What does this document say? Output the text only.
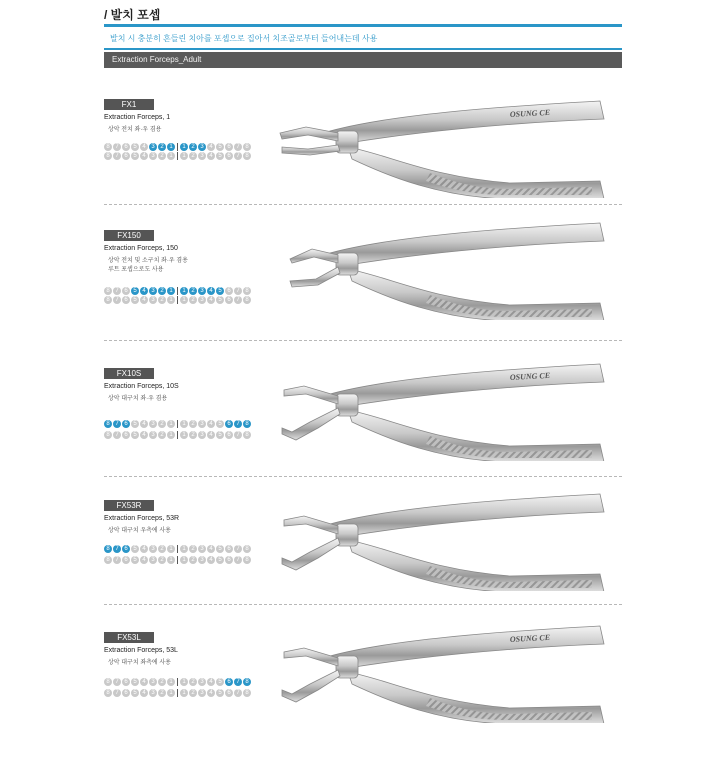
/ 발치 포셉
발치 시 충분히 흔들린 치아를 포셉으로 집아서 치조골로부터 들어내는데 사용
Extraction Forceps_Adult
FX1
Extraction Forceps, 1
상악 전치 좌·우 겸용
8 7 6 5 4 3 2 1	1 2 3 4 5 6 7 8
8 7 6 5 4 3 2 1	1 2 3 4 5 6 7 8
OSUNG CE
FX150
Extraction Forceps, 150
상악 전치 및 소구치 좌·우 겸용
루트 포셉으로도 사용
8 7 6 5 4 3 2 1	1 2 3 4 5 6 7 8
8 7 6 5 4 3 2 1	1 2 3 4 5 6 7 8
FX10S
Extraction Forceps, 10S
상악 대구치 좌·우 겸용
8 7 6 5 4 3 2 1	1 2 3 4 5 6 7 8
8 7 6 5 4 3 2 1	1 2 3 4 5 6 7 8
OSUNG CE
FX53R
Extraction Forceps, 53R
상악 대구치 우측에 사용
8 7 6 5 4 3 2 1	1 2 3 4 5 6 7 8
8 7 6 5 4 3 2 1	1 2 3 4 5 6 7 8
FX53L
Extraction Forceps, 53L
상악 대구치 좌측에 사용
8 7 6 5 4 3 2 1	1 2 3 4 5 6 7 8
8 7 6 5 4 3 2 1	1 2 3 4 5 6 7 8
OSUNG CE
